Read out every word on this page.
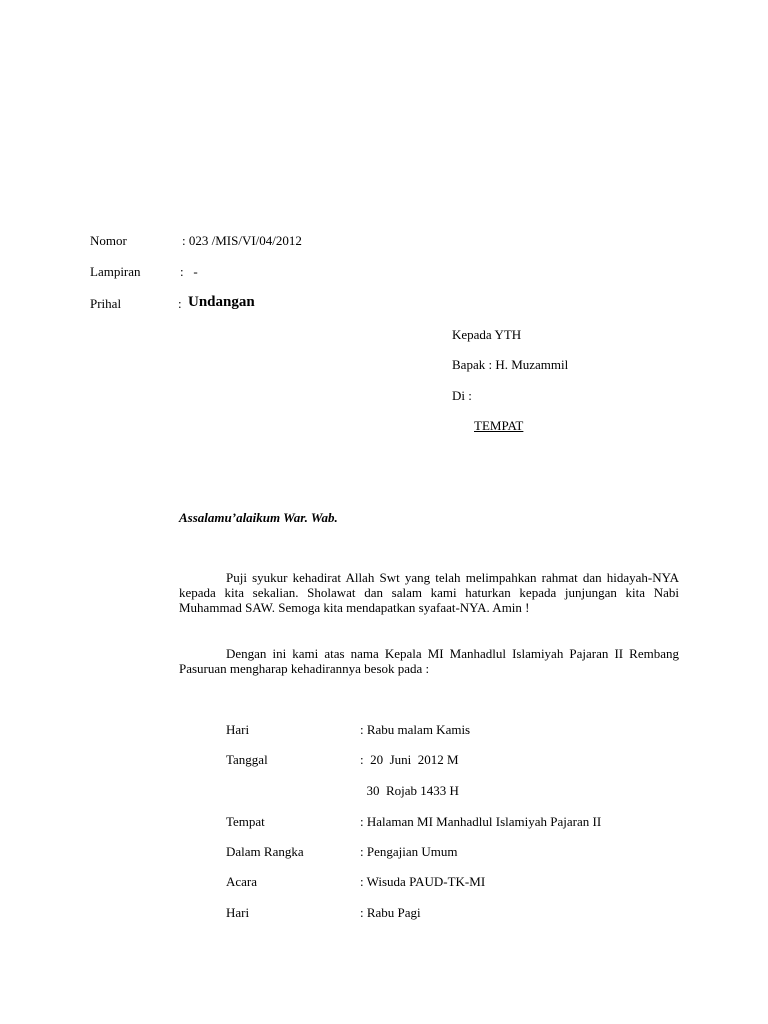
Nomor	: 023 /MIS/VI/04/2012
Lampiran	:   -
Prihal	: Undangan
Kepada YTH
Bapak : H. Muzammil
Di :
TEMPAT
Assalamu’alaikum War. Wab.
Puji syukur kehadirat Allah Swt yang telah melimpahkan rahmat dan hidayah-NYA kepada kita sekalian. Sholawat dan salam kami haturkan kepada junjungan kita Nabi Muhammad SAW. Semoga kita mendapatkan syafaat-NYA. Amin !
Dengan ini kami atas nama Kepala MI Manhadlul Islamiyah Pajaran II Rembang Pasuruan mengharap kehadirannya besok pada :
Hari	: Rabu malam Kamis
Tanggal	:  20  Juni  2012 M
30  Rojab 1433 H
Tempat	: Halaman MI Manhadlul Islamiyah Pajaran II
Dalam Rangka	: Pengajian Umum
Acara	: Wisuda PAUD-TK-MI
Hari	: Rabu Pagi
